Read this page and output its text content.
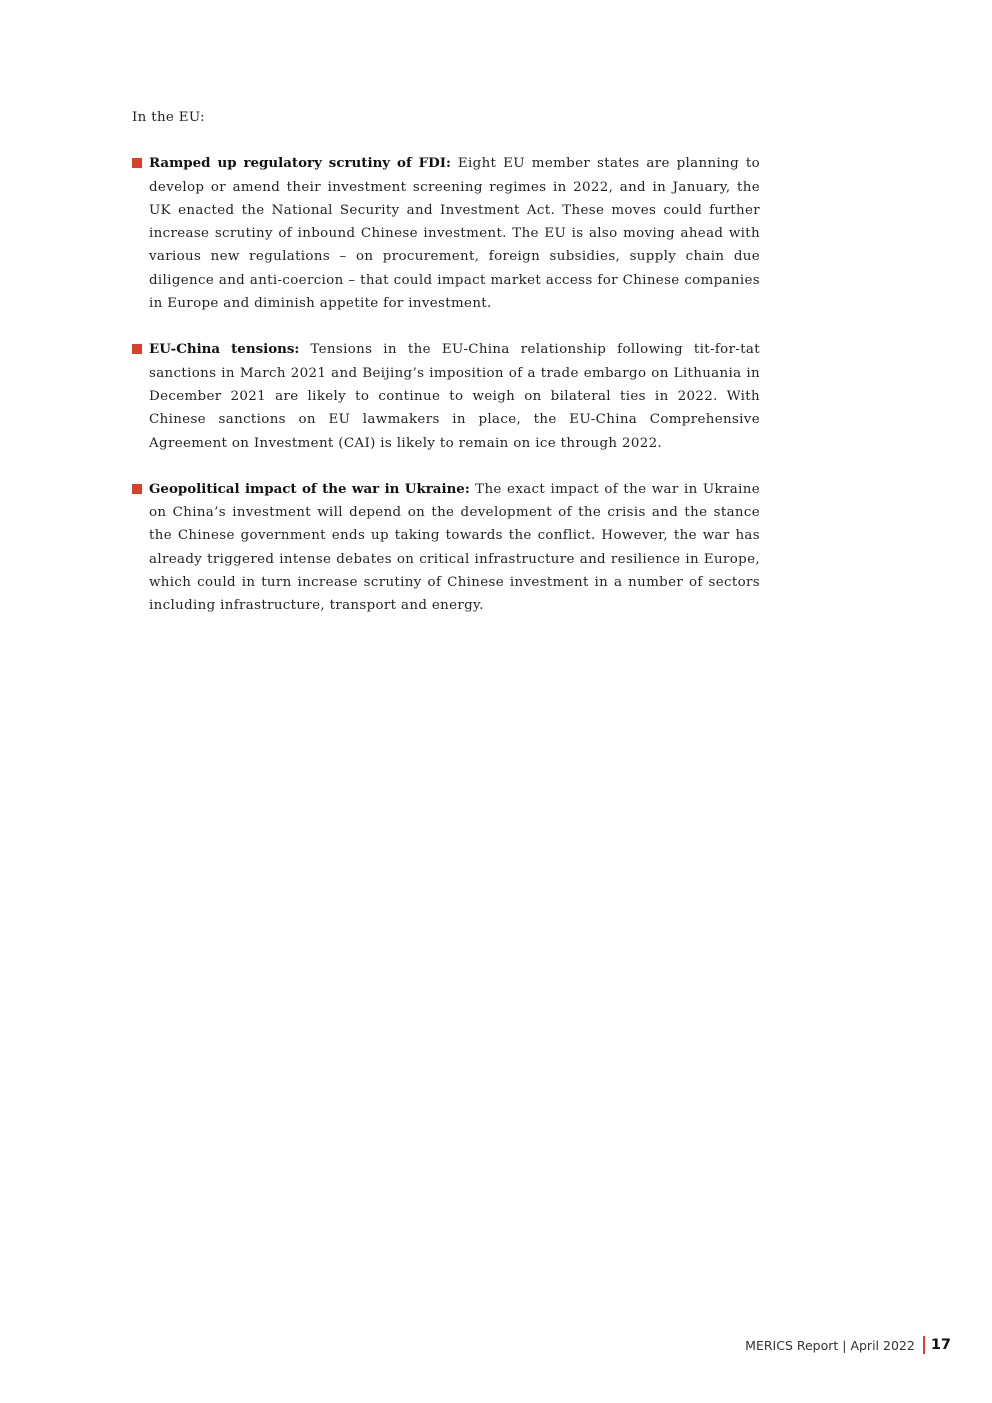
In the EU:

Ramped up regulatory scrutiny of FDI: Eight EU member states are planning to develop or amend their investment screening regimes in 2022, and in January, the UK enacted the National Security and Investment Act. These moves could further increase scrutiny of inbound Chinese investment. The EU is also moving ahead with various new regulations – on procurement, foreign subsidies, supply chain due diligence and anti-coercion – that could impact market access for Chinese companies in Europe and diminish appetite for investment.
EU-China tensions: Tensions in the EU-China relationship following tit-for-tat sanctions in March 2021 and Beijing’s imposition of a trade embargo on Lithuania in December 2021 are likely to continue to weigh on bilateral ties in 2022. With Chinese sanctions on EU lawmakers in place, the EU-China Comprehensive Agreement on Investment (CAI) is likely to remain on ice through 2022.
Geopolitical impact of the war in Ukraine: The exact impact of the war in Ukraine on China’s investment will depend on the development of the crisis and the stance the Chinese government ends up taking towards the conflict. However, the war has already triggered intense debates on critical infrastructure and resilience in Europe, which could in turn increase scrutiny of Chinese investment in a number of sectors including infrastructure, transport and energy.
MERICS Report | April 2022 17
